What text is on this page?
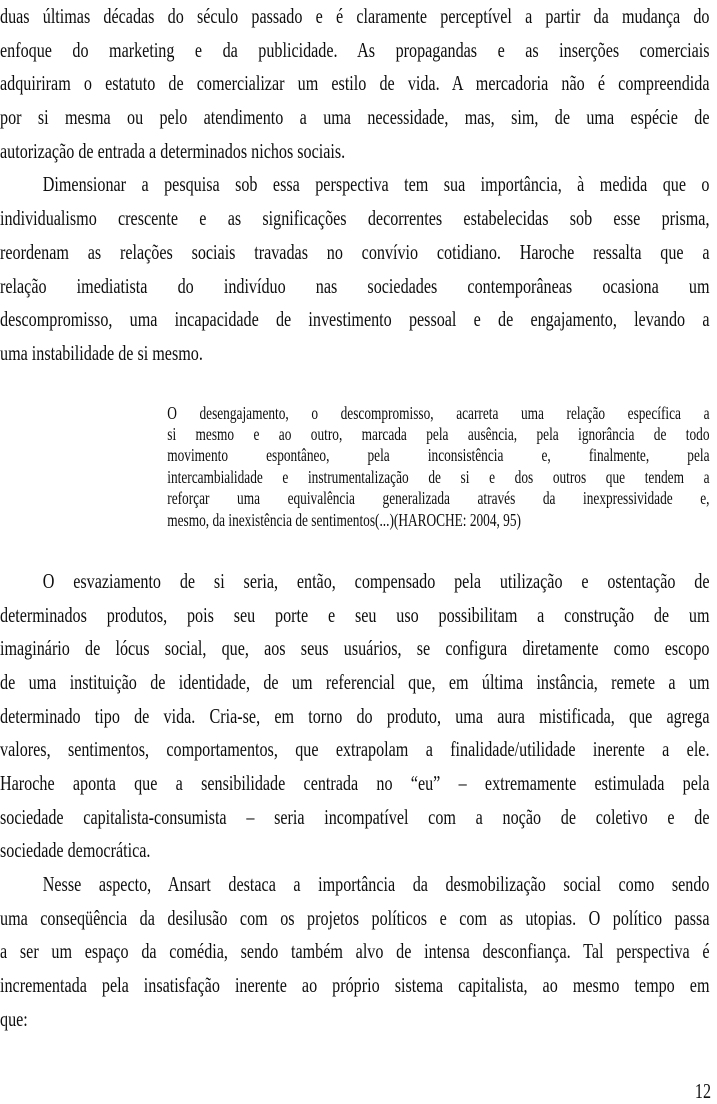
duas últimas décadas do século passado e é claramente perceptível a partir da mudança do
enfoque do marketing e da publicidade. As propagandas e as inserções comerciais
adquiriram o estatuto de comercializar um estilo de vida. A mercadoria não é compreendida
por si mesma ou pelo atendimento a uma necessidade, mas, sim, de uma espécie de
autorização de entrada a determinados nichos sociais.
Dimensionar a pesquisa sob essa perspectiva tem sua importância, à medida que o
individualismo crescente e as significações decorrentes estabelecidas sob esse prisma,
reordenam as relações sociais travadas no convívio cotidiano. Haroche ressalta que a
relação imediatista do indivíduo nas sociedades contemporâneas ocasiona um
descompromisso, uma incapacidade de investimento pessoal e de engajamento, levando a
uma instabilidade de si mesmo.
O desengajamento, o descompromisso, acarreta uma relação específica a
si mesmo e ao outro, marcada pela ausência, pela ignorância de todo
movimento espontâneo, pela inconsistência e, finalmente, pela
intercambialidade e instrumentalização de si e dos outros que tendem a
reforçar uma equivalência generalizada através da inexpressividade e,
mesmo, da inexistência de sentimentos(...)(HAROCHE: 2004, 95)
O esvaziamento de si seria, então, compensado pela utilização e ostentação de
determinados produtos, pois seu porte e seu uso possibilitam a construção de um
imaginário de lócus social, que, aos seus usuários, se configura diretamente como escopo
de uma instituição de identidade, de um referencial que, em última instância, remete a um
determinado tipo de vida. Cria-se, em torno do produto, uma aura mistificada, que agrega
valores, sentimentos, comportamentos, que extrapolam a finalidade/utilidade inerente a ele.
Haroche aponta que a sensibilidade centrada no “eu” – extremamente estimulada pela
sociedade capitalista-consumista – seria incompatível com a noção de coletivo e de
sociedade democrática.
Nesse aspecto, Ansart destaca a importância da desmobilização social como sendo
uma conseqüência da desilusão com os projetos políticos e com as utopias. O político passa
a ser um espaço da comédia, sendo também alvo de intensa desconfiança. Tal perspectiva é
incrementada pela insatisfação inerente ao próprio sistema capitalista, ao mesmo tempo em
que:
12
